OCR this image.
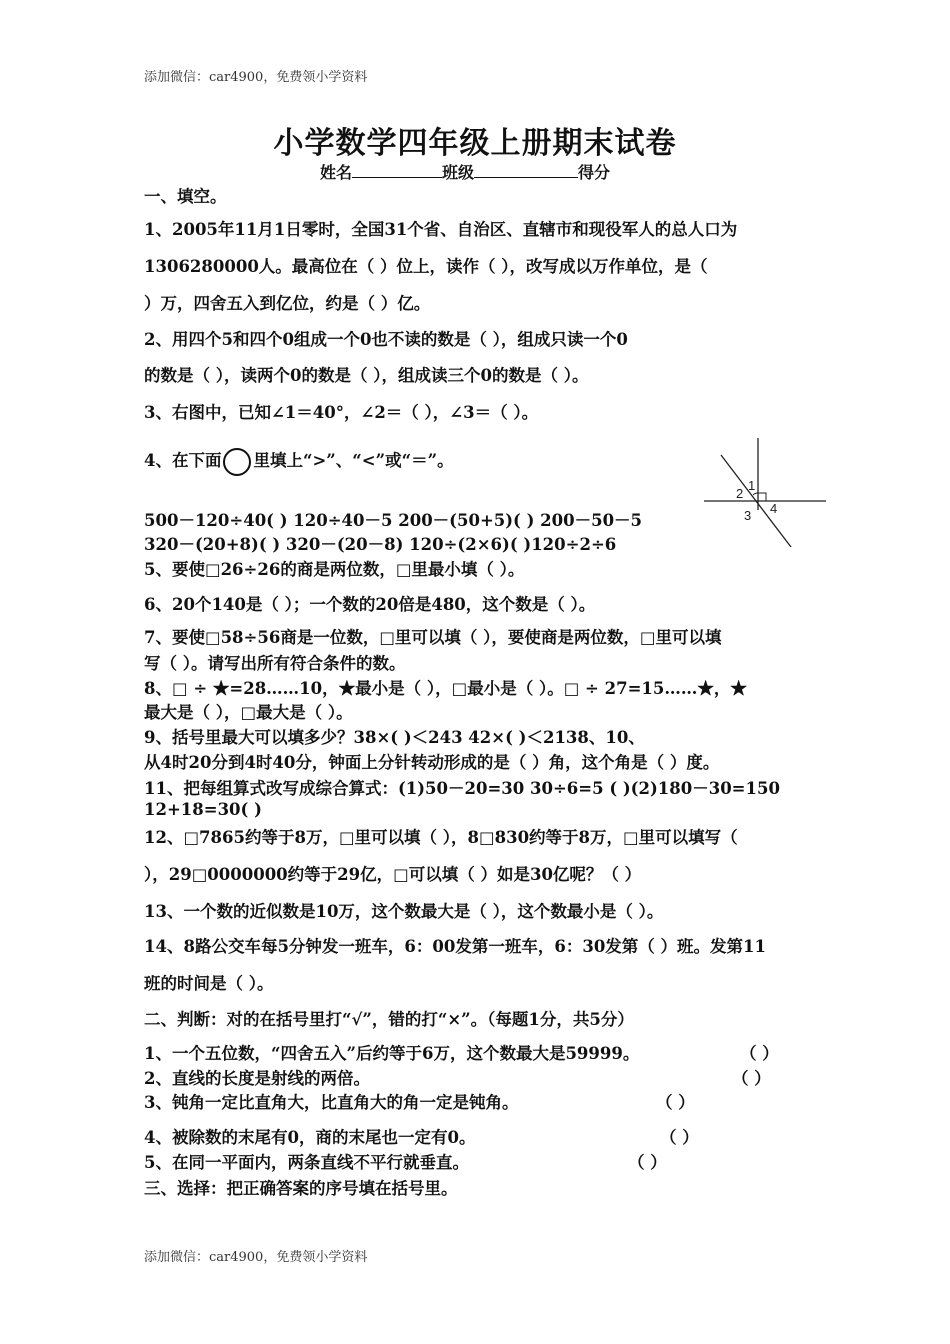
添加微信：car4900，免费领小学资料
小学数学四年级上册期末试卷
姓名	班级	得分
一、填空。
1、2005年11月1日零时，全国31个省、自治区、直辖市和现役军人的总人口为
1306280000人。最高位在（ ）位上，读作（ ），改写成以万作单位，是（
）万，四舍五入到亿位，约是（ ）亿。
2、用四个5和四个0组成一个0也不读的数是（ ），组成只读一个0
的数是（ ），读两个0的数是（ ），组成读三个0的数是（ ）。
3、右图中，已知∠1＝40°，∠2＝（ ），∠3＝（ ）。
4、在下面 里填上“>”、“<”或“＝”。
500－120÷40( ) 120÷40－5 200－(50+5)( ) 200－50－5
320－(20+8)( ) 320－(20－8) 120÷(2×6)( )120÷2÷6
5、要使□26÷26的商是两位数，□里最小填（ ）。
6、20个140是（ ）；一个数的20倍是480，这个数是（ ）。
7、要使□58÷56商是一位数，□里可以填（ ），要使商是两位数，□里可以填
写（ ）。请写出所有符合条件的数。
8、□ ÷ ★=28……10，★最小是（ ），□最小是（ ）。□ ÷ 27=15……★，★
最大是（ ），□最大是（ ）。
9、括号里最大可以填多少？38×( )＜243 42×( )＜2138、10、
从4时20分到4时40分，钟面上分针转动形成的是（ ）角，这个角是（ ）度。
11、把每组算式改写成综合算式：(1)50－20=30 30÷6=5 ( )(2)180－30=150
12+18=30( )
12、□7865约等于8万，□里可以填（ ），8□830约等于8万，□里可以填写（
），29□0000000约等于29亿，□可以填（ ）如是30亿呢？（ ）
13、一个数的近似数是10万，这个数最大是（ ），这个数最小是（ ）。
14、8路公交车每5分钟发一班车，6：00发第一班车，6：30发第（ ）班。发第11
班的时间是（ ）。
1
2
3 4
二、判断：对的在括号里打“√”，错的打“×”。（每题1分，共5分）
1、一个五位数，“四舍五入”后约等于6万，这个数最大是59999。	（ ）
2、直线的长度是射线的两倍。	（ ）
3、钝角一定比直角大，比直角大的角一定是钝角。	（ ）
4、被除数的末尾有0，商的末尾也一定有0。	（ ）
5、在同一平面内，两条直线不平行就垂直。	（ ）
三、选择：把正确答案的序号填在括号里。
添加微信：car4900，免费领小学资料
